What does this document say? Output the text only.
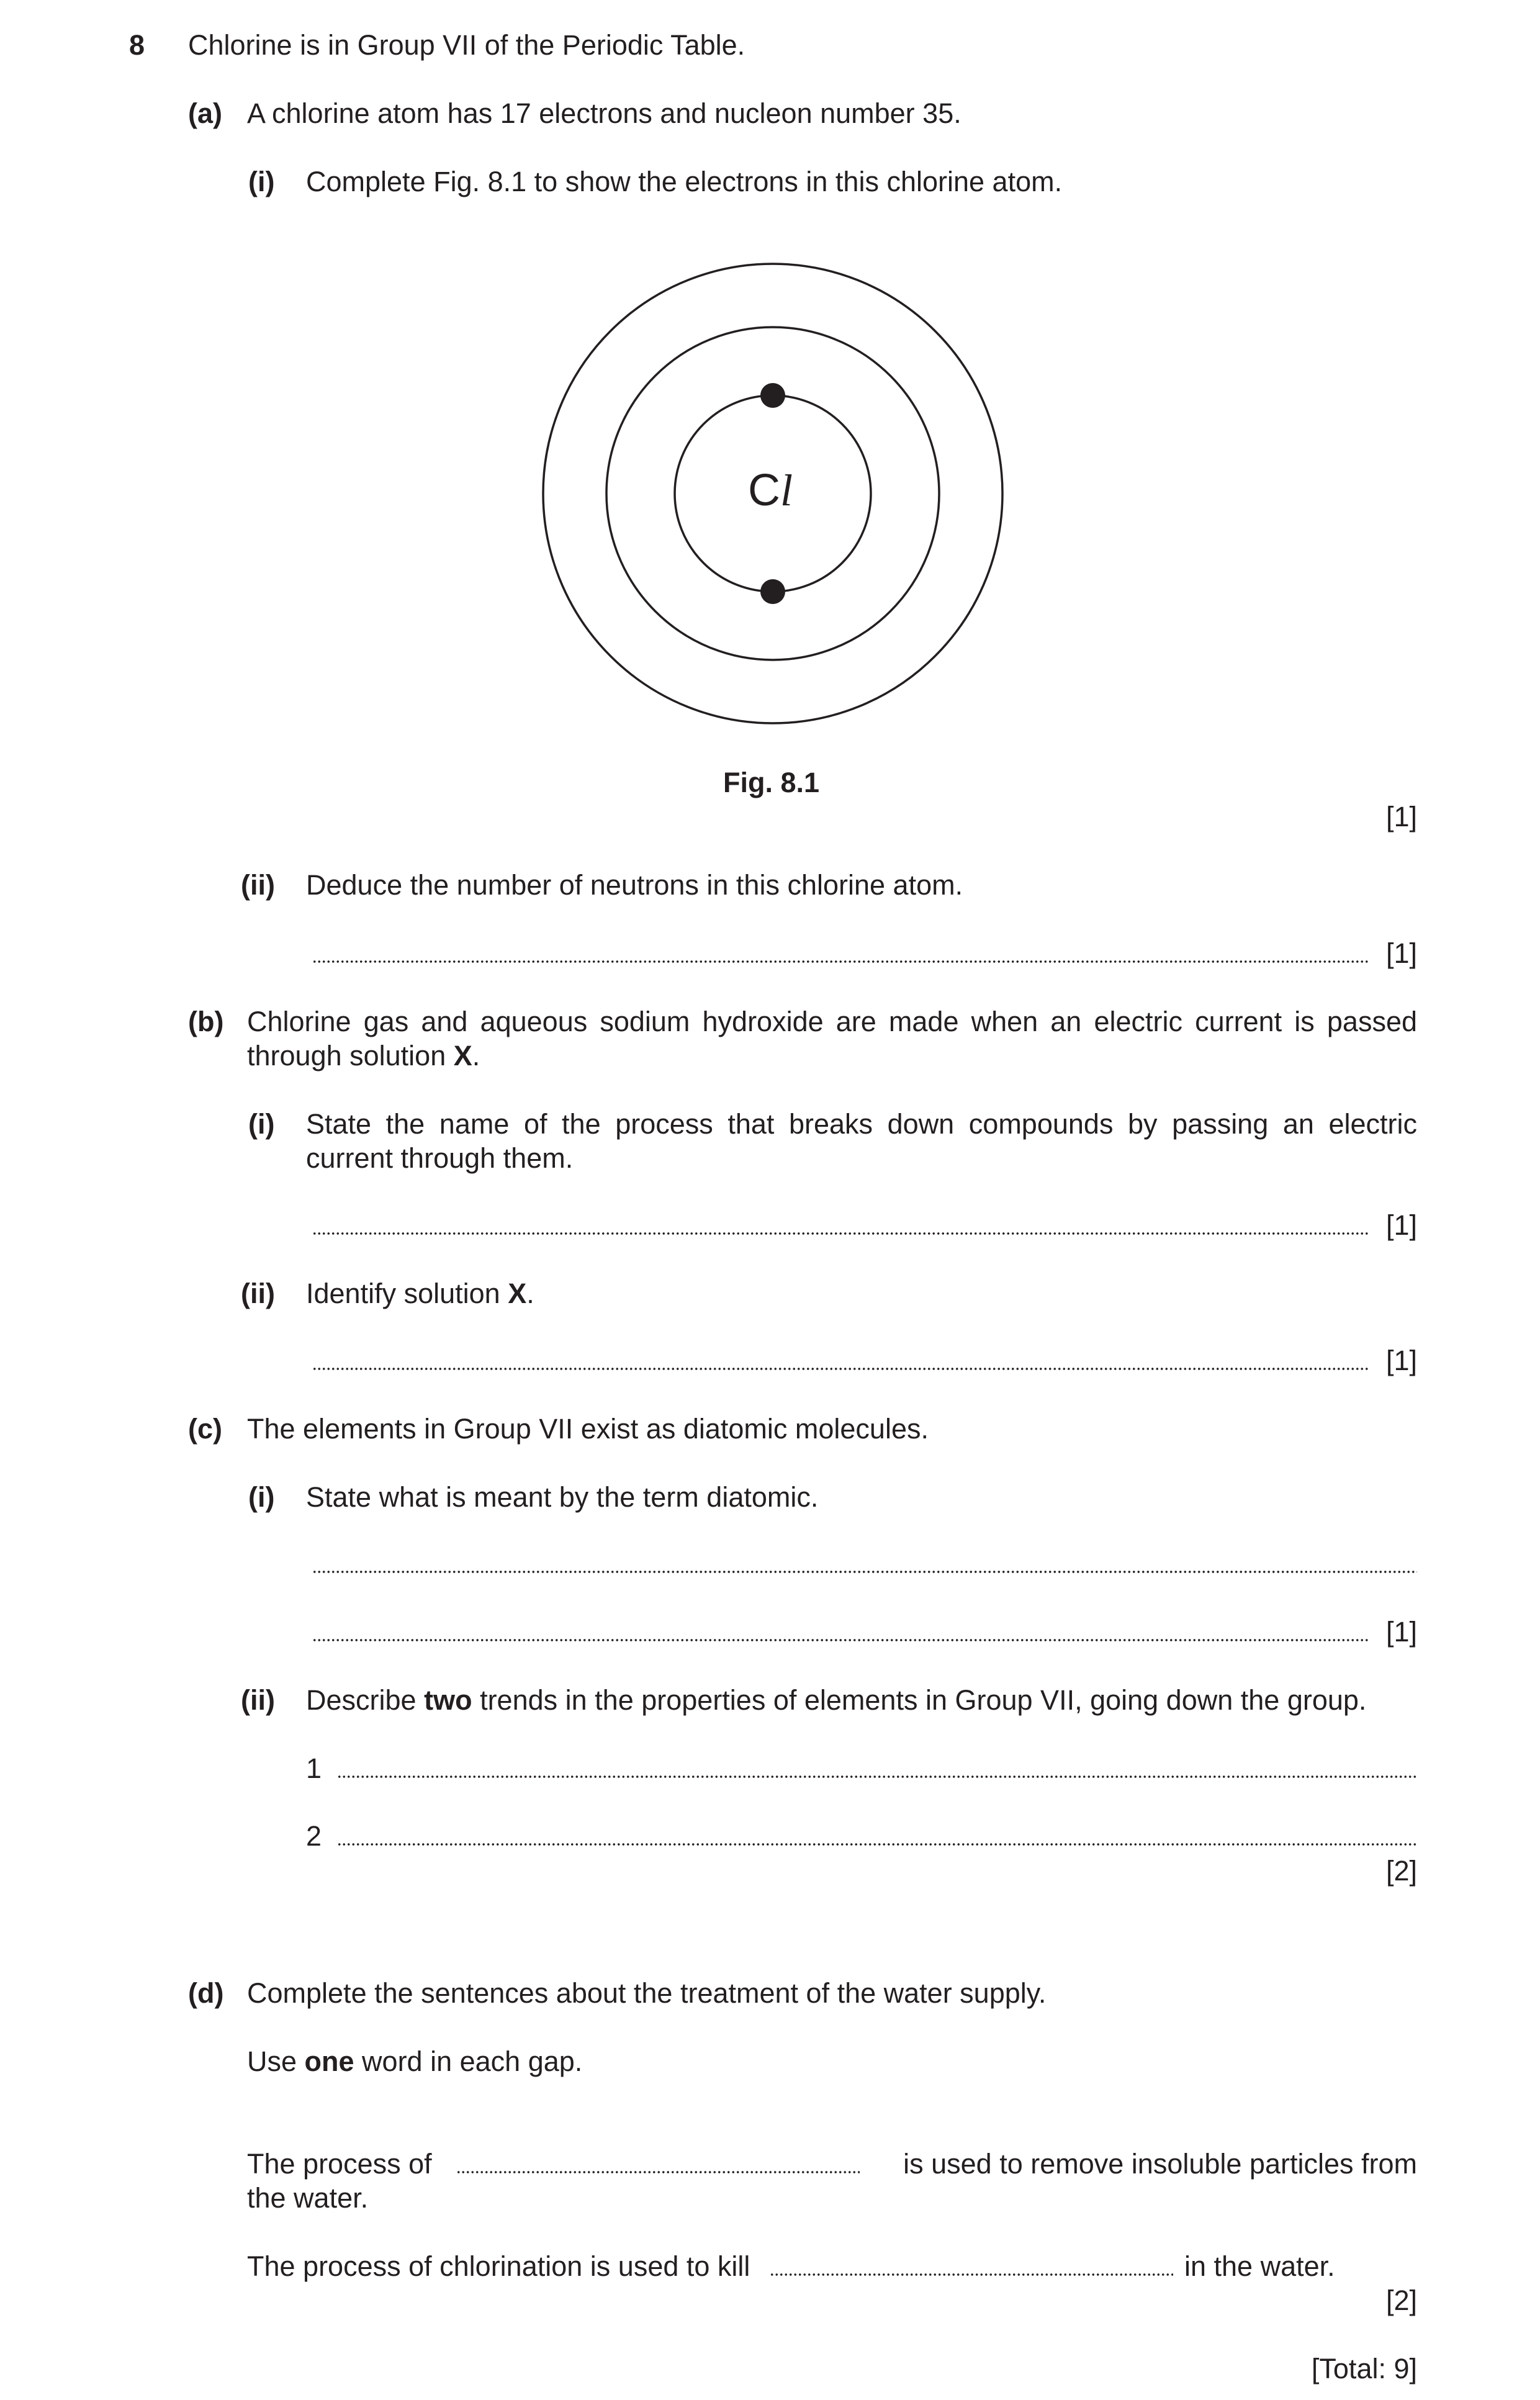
8 Chlorine is in Group VII of the Periodic Table.
(a) A chlorine atom has 17 electrons and nucleon number 35.
(i) Complete Fig. 8.1 to show the electrons in this chlorine atom.
Cl
Fig. 8.1
[1]
(ii) Deduce the number of neutrons in this chlorine atom.
[1]
(b) Chlorine gas and aqueous sodium hydroxide are made when an electric current is passed through solution X.
(i) State the name of the process that breaks down compounds by passing an electric current through them.
[1]
(ii) Identify solution X.
[1]
(c) The elements in Group VII exist as diatomic molecules.
(i) State what is meant by the term diatomic.
[1]
(ii) Describe two trends in the properties of elements in Group VII, going down the group.
1
2
[2]
(d) Complete the sentences about the treatment of the water supply.
Use one word in each gap.
The process of	is used to remove insoluble particles from
the water.
The process of chlorination is used to kill	in the water.
[2]
[Total: 9]
